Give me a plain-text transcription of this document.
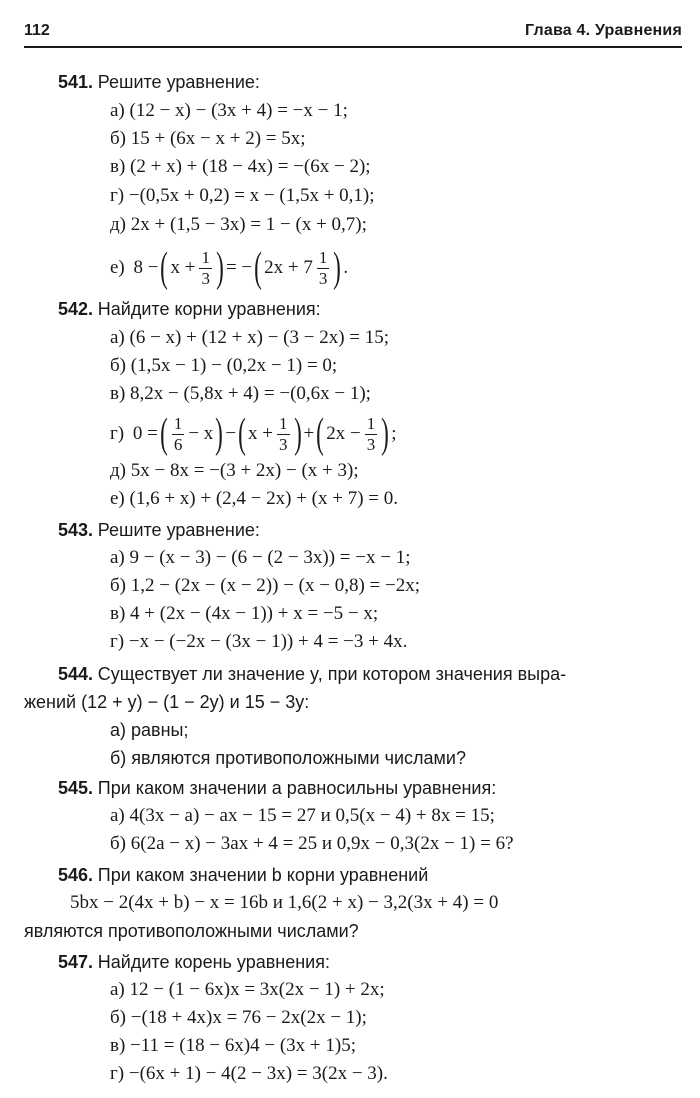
112	Глава 4. Уравнения
541. Решите уравнение:
а) (12 − x) − (3x + 4) = −x − 1;
б) 15 + (6x − x + 2) = 5x;
в) (2 + x) + (18 − 4x) = −(6x − 2);
г) −(0,5x + 0,2) = x − (1,5x + 0,1);
д) 2x + (1,5 − 3x) = 1 − (x + 0,7);
е)
8 − ( $x + \frac{1}{3}$ ) = − ( $2x + 7 \frac{1}{3}$ ) .
542. Найдите корни уравнения:
а) (6 − x) + (12 + x) − (3 − 2x) = 15;
б) (1,5x − 1) − (0,2x − 1) = 0;
в) 8,2x − (5,8x + 4) = −(0,6x − 1);
г)
0 = ( $\frac{1}{6} - x$ ) − ( $x + \frac{1}{3}$ ) + ( $2x - \frac{1}{3}$ ) ;
д) 5x − 8x = −(3 + 2x) − (x + 3);
е) (1,6 + x) + (2,4 − 2x) + (x + 7) = 0.
543. Решите уравнение:
а) 9 − (x − 3) − (6 − (2 − 3x)) = −x − 1;
б) 1,2 − (2x − (x − 2)) − (x − 0,8) = −2x;
в) 4 + (2x − (4x − 1)) + x = −5 − x;
г) −x − (−2x − (3x − 1)) + 4 = −3 + 4x.
544. Существует ли значение y, при котором значения выра-
жений (12 + y) − (1 − 2y) и 15 − 3y:
а) равны;
б) являются противоположными числами?
545. При каком значении a равносильны уравнения:
а) 4(3x − a) − ax − 15 = 27 и 0,5(x − 4) + 8x = 15;
б) 6(2a − x) − 3ax + 4 = 25 и 0,9x − 0,3(2x − 1) = 6?
546. При каком значении b корни уравнений
5bx − 2(4x + b) − x = 16b и 1,6(2 + x) − 3,2(3x + 4) = 0
являются противоположными числами?
547. Найдите корень уравнения:
а) 12 − (1 − 6x)x = 3x(2x − 1) + 2x;
б) −(18 + 4x)x = 76 − 2x(2x − 1);
в) −11 = (18 − 6x)4 − (3x + 1)5;
г) −(6x + 1) − 4(2 − 3x) = 3(2x − 3).
